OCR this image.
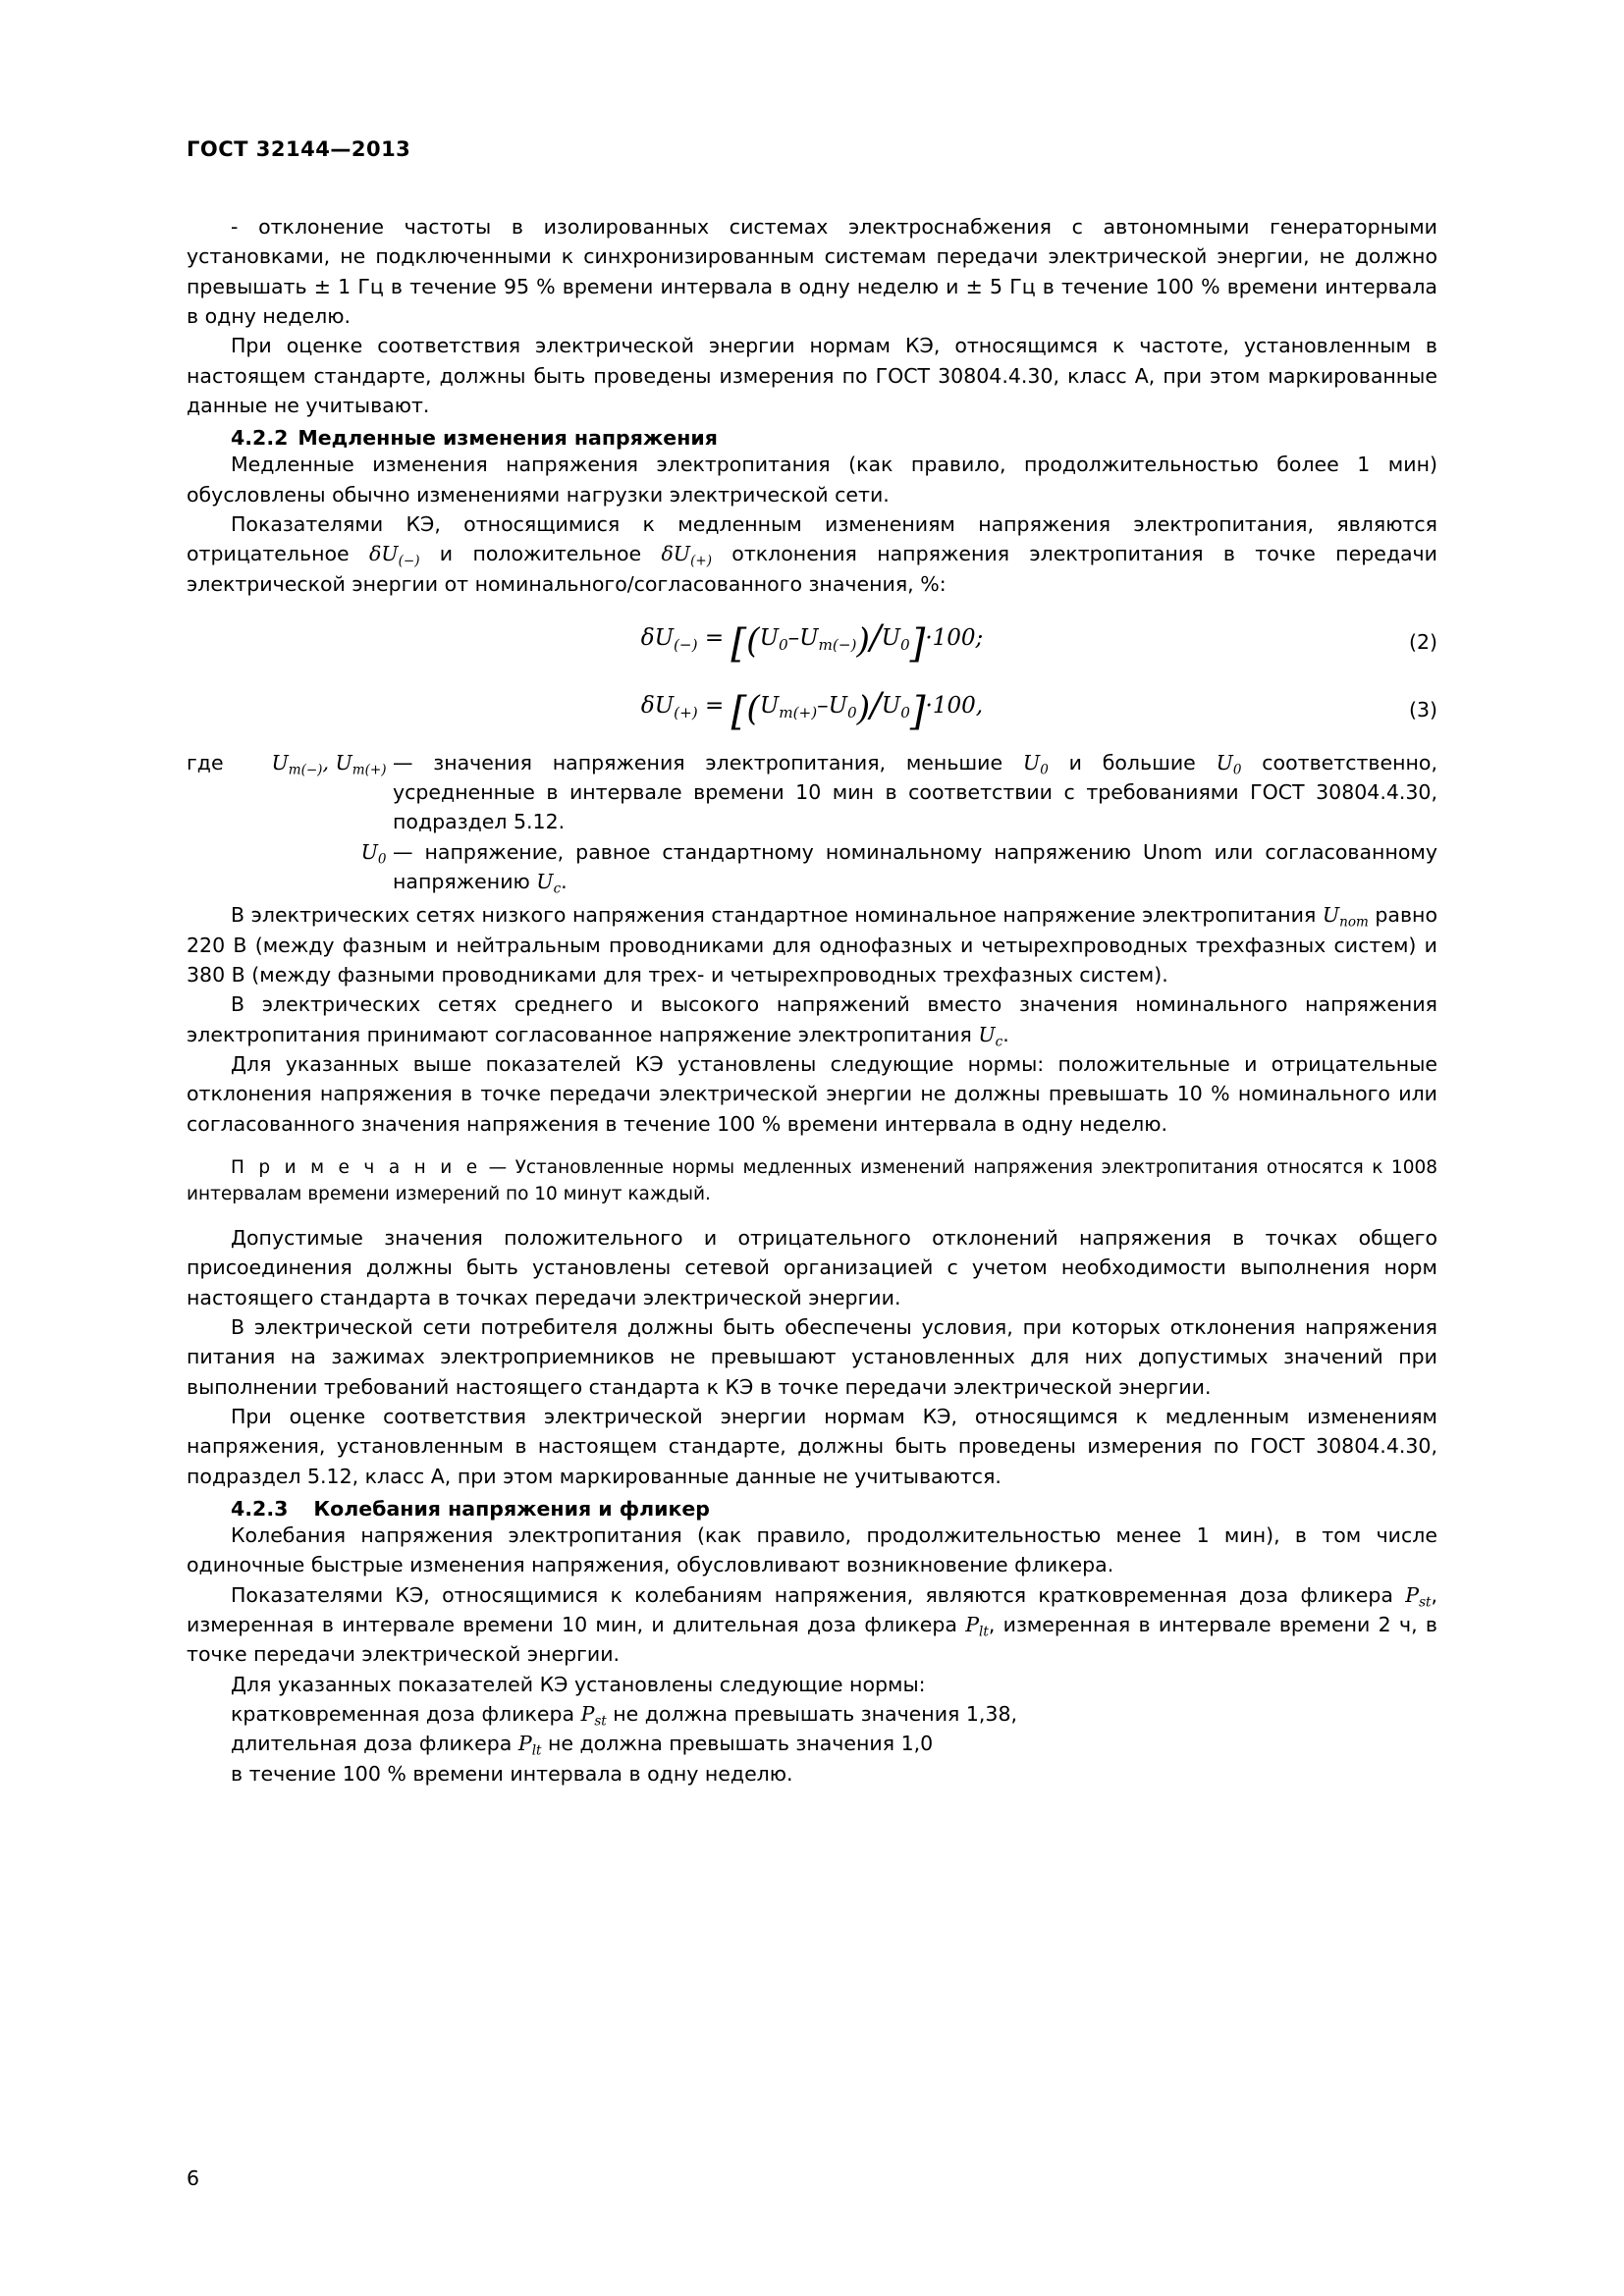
ГОСТ 32144—2013

- отклонение частоты в изолированных системах электроснабжения с автономными генераторными установками, не подключенными к синхронизированным системам передачи электрической энергии, не должно превышать ± 1 Гц в течение 95 % времени интервала в одну неделю и ± 5 Гц в течение 100 % времени интервала в одну неделю.

При оценке соответствия электрической энергии нормам КЭ, относящимся к частоте, установленным в настоящем стандарте, должны быть проведены измерения по ГОСТ 30804.4.30, класс А, при этом маркированные данные не учитывают.

4.2.2 Медленные изменения напряжения

Медленные изменения напряжения электропитания (как правило, продолжительностью более 1 мин) обусловлены обычно изменениями нагрузки электрической сети.

Показателями КЭ, относящимися к медленным изменениям напряжения электропитания, являются отрицательное $\delta U_{(-)}$ и положительное $\delta U_{(+)}$ отклонения напряжения электропитания в точке передачи электрической энергии от номинального/согласованного значения, %:

$\delta U_{(-)} = [(U_0-U_{m(-)})/U_0]\cdot 100$;	(2)
$\delta U_{(+)} = [(U_{m(+)}-U_0)/U_0]\cdot 100$,	(3)
где	$U_{m(-)}$, $U_{m(+)}$	— значения напряжения электропитания, меньшие $U_0$ и большие $U_0$ соответственно, усредненные в интервале времени 10 мин в соответствии с требованиями ГОСТ 30804.4.30, подраздел 5.12.
	$U_0$	— напряжение, равное стандартному номинальному напряжению Unom или согласованному напряжению $U_c$.

В электрических сетях низкого напряжения стандартное номинальное напряжение электропитания $U_{nom}$ равно 220 В (между фазным и нейтральным проводниками для однофазных и четырехпроводных трехфазных систем) и 380 В (между фазными проводниками для трех- и четырехпроводных трехфазных систем).

В электрических сетях среднего и высокого напряжений вместо значения номинального напряжения электропитания принимают согласованное напряжение электропитания $U_c$.

Для указанных выше показателей КЭ установлены следующие нормы: положительные и отрицательные отклонения напряжения в точке передачи электрической энергии не должны превышать 10 % номинального или согласованного значения напряжения в течение 100 % времени интервала в одну неделю.

П р и м е ч а н и е — Установленные нормы медленных изменений напряжения электропитания относятся к 1008 интервалам времени измерений по 10 минут каждый.

Допустимые значения положительного и отрицательного отклонений напряжения в точках общего присоединения должны быть установлены сетевой организацией с учетом необходимости выполнения норм настоящего стандарта в точках передачи электрической энергии.

В электрической сети потребителя должны быть обеспечены условия, при которых отклонения напряжения питания на зажимах электроприемников не превышают установленных для них допустимых значений при выполнении требований настоящего стандарта к КЭ в точке передачи электрической энергии.

При оценке соответствия электрической энергии нормам КЭ, относящимся к медленным изменениям напряжения, установленным в настоящем стандарте, должны быть проведены измерения по ГОСТ 30804.4.30, подраздел 5.12, класс А, при этом маркированные данные не учитываются.

4.2.3 Колебания напряжения и фликер

Колебания напряжения электропитания (как правило, продолжительностью менее 1 мин), в том числе одиночные быстрые изменения напряжения, обусловливают возникновение фликера.

Показателями КЭ, относящимися к колебаниям напряжения, являются кратковременная доза фликера $P_{st}$, измеренная в интервале времени 10 мин, и длительная доза фликера $P_{lt}$, измеренная в интервале времени 2 ч, в точке передачи электрической энергии.

Для указанных показателей КЭ установлены следующие нормы:

кратковременная доза фликера $P_{st}$ не должна превышать значения 1,38,

длительная доза фликера $P_{lt}$ не должна превышать значения 1,0

в течение 100 % времени интервала в одну неделю.

6
